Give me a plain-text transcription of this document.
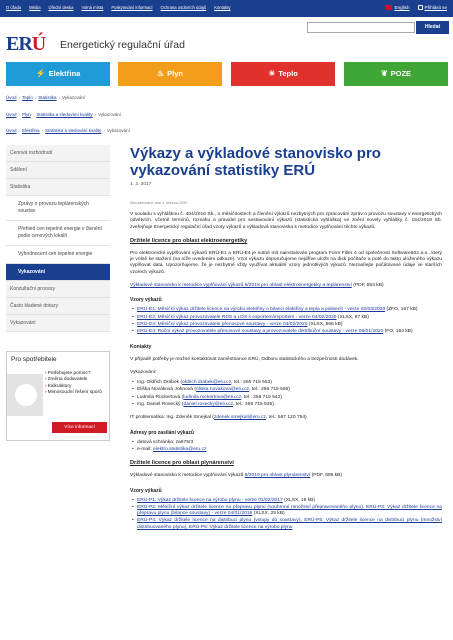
O úřadu Média Úřední deska Volná místa Poskytování informací Ochrana osobních údajů Kontakty	English	Přihlásit se
ERÚ Energetický regulační úřad
Hledat
⚡ Elektřina	♨ Plyn	☀ Teplo	❦ POZE
Úvod › Teplo › Statistika › Vykazování
Úvod › Plyn › Statistika a sledování kvality › Vykazování
Úvod › Elektřina › Statistika a sledování kvality › Vykazování
Cenová rozhodnutí
Sdělení
Statistika
Zprávy o provozu teplárenských soustav
Přehled cen tepelné energie v členění podle cenových lokalit
Vyhodnocení cen tepelné energie
Vykazování
Konzultační procesy
Často kladené dotazy
Vykazování
Pro spotřebitele
› Potřebujete pomoc?
› Změna dodavatele
› Kalkulátory
› Mimosoudní řešení sporů
Více informací
Výkazy a výkladové stanovisko pro vykazování statistiky ERÚ
1. 2. 2017
Aktualizováno dne 1. března 2020

V souladu s vyhláškou č. 404/2016 Sb., o měsíčitostech a členění výkazů nezbytných pro zpracování zpráv o provozu soustavy v energetických odvětvích, včetně termínů, rozsahu a pravidel pro sestavování výkazů (statistická vyhláška) ve znění novely vyhlášky č. 154/2018 Sb. zveřejňuje Energetický regulační úřad vzory výkazů a výkladová stanoviska k metodice vyplňování těchto výkazů.

Držitelé licence pro oblast elektroenergetiky

Pro elektronické vyplňování výkazů ERÚ-E1 a ERÚ-E4 je nutné mít nainstalován program Form Filler 4 od společnosti Software602 a.s., který je volně ke stažení (na níže uvedeném odkaze). Vzor výkazu doporučujeme nejdříve uložit na disk počítače a poté do takto uloženého výkazu vyplňovat data. Upozorňujeme, že je nezbytné vždy využívat aktuální vzory jednotlivých výkazů. Nezasílejte počátované údaje ve starších vzorech výkazů.

Výkladové stanovisko k metodice vyplňování výkazů 8/2018 pro oblast elektroenergetiky a teplárenství (PDF, 853 kB)

Vzory výkazů
• ERÚ-E1: Měsíční výkaz držitele licence na výrobu elektřiny o bilanci elektřiny a tepla a palivech - verze 02/03/2020 (ZFO, 167 kB)
• ERÚ-E2: Měsíční výkaz provozovatele RDS a LDS s exportem/importem - verze 04/02/2020 (XLSX, 67 kB)
• ERÚ-E3: Měsíční výkaz provozovatele přenosové soustavy - verze 04/02/2020 (XLSX, 566 kB)
• ERÚ-E4: Roční výkaz provozovatele přenosové soustavy a provozovatele distribuční soustavy - verze 06/01/2020 (FO, 164 kB)
Kontakty

V případě potřeby je možné kontaktovat zaměstnance ERÚ, Odboru statistického a bezpečnosti dodávek.

Vykazování:

• Ing. Oldřich Drábek (oldrich.drabek@eru.cz, tel.: 255 715 553)
• Eliška Nováková Johnová (eliska.novakova@eru.cz, tel.: 255 715 566)
• Ludmila Rückertová (ludmila.ruckertova@eru.cz, tel.: 255 715 542)
• Ing. Daniel Rosecký (daniel.rosecky@eru.cz, tel.: 255 715 535)

IT problematika: Ing. Zdeněk Smejkal (zdenek.smejkal@eru.cz, tel.: 567 120 754)

Adresy pro zasílání výkazů
• datová schránka: za675r3
• e-mail: elektro.statistika@eru.cz
Držitelé licence pro oblast plynárenství

Výkladové stanovisko k metodice vyplňování výkazů 8/2019 pro oblast plynárenství (PDF, 696 kB)

Vzory výkazů
• ERÚ-P1: Výkaz držitele licence na výrobu plynu - verze 01/02/2017 (XLSX, 19 kB)
• ERÚ-P2: Měsíční výkaz držitele licence na přepravu plynu (souhrnné množství přepravovaného plynu). ERÚ-P3: Výkaz držitele licence na přepravu plynu (bilance soustavy) - verze 04/01/2019 (XLSX, 25 kB)
• ERÚ-P4: Výkaz držitele licence na distribuci plynu (vstupy do soustavy), ERÚ-P5: Výkaz držitele licence na distribuci plynu (množství distribuovaného plynu), ERÚ-P6: Výkaz držitele licence na výrobu plynu
